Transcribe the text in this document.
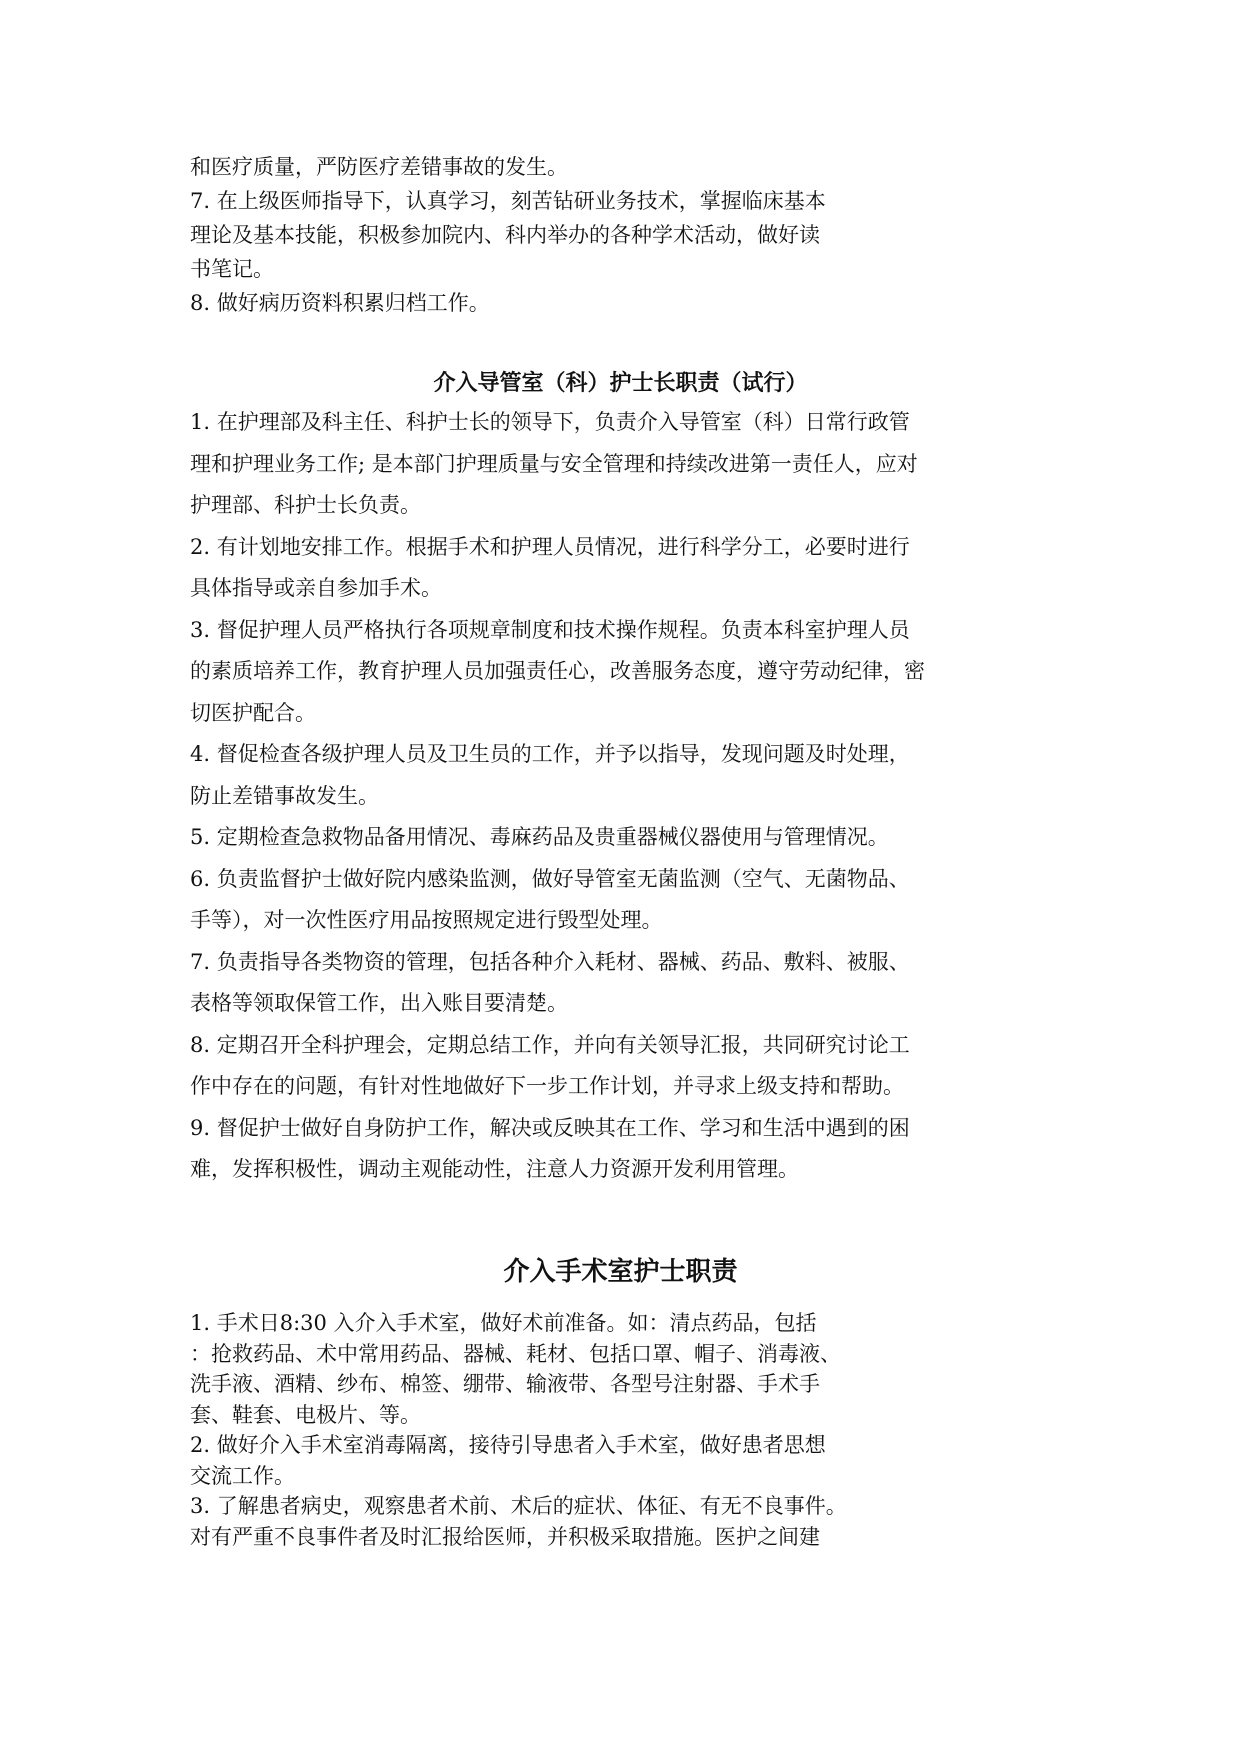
和医疗质量，严防医疗差错事故的发生。

7. 在上级医师指导下，认真学习，刻苦钻研业务技术，掌握临床基本

理论及基本技能，积极参加院内、科内举办的各种学术活动，做好读

书笔记。

8. 做好病历资料积累归档工作。

介入导管室（科）护士长职责（试行）

1. 在护理部及科主任、科护士长的领导下，负责介入导管室（科）日常行政管

理和护理业务工作; 是本部门护理质量与安全管理和持续改进第一责任人，应对

护理部、科护士长负责。

2. 有计划地安排工作。根据手术和护理人员情况，进行科学分工，必要时进行

具体指导或亲自参加手术。

3. 督促护理人员严格执行各项规章制度和技术操作规程。负责本科室护理人员

的素质培养工作，教育护理人员加强责任心，改善服务态度，遵守劳动纪律，密

切医护配合。

4. 督促检查各级护理人员及卫生员的工作，并予以指导，发现问题及时处理，

防止差错事故发生。

5. 定期检查急救物品备用情况、毒麻药品及贵重器械仪器使用与管理情况。

6. 负责监督护士做好院内感染监测，做好导管室无菌监测（空气、无菌物品、

手等），对一次性医疗用品按照规定进行毁型处理。

7. 负责指导各类物资的管理，包括各种介入耗材、器械、药品、敷料、被服、

表格等领取保管工作，出入账目要清楚。

8. 定期召开全科护理会，定期总结工作，并向有关领导汇报，共同研究讨论工

作中存在的问题，有针对性地做好下一步工作计划，并寻求上级支持和帮助。

9. 督促护士做好自身防护工作，解决或反映其在工作、学习和生活中遇到的困

难，发挥积极性，调动主观能动性，注意人力资源开发利用管理。

介入手术室护士职责

1. 手术日8:30 入介入手术室，做好术前准备。如：清点药品，包括

：抢救药品、术中常用药品、器械、耗材、包括口罩、帽子、消毒液、

洗手液、酒精、纱布、棉签、绷带、输液带、各型号注射器、手术手

套、鞋套、电极片、等。

2. 做好介入手术室消毒隔离，接待引导患者入手术室，做好患者思想

交流工作。

3. 了解患者病史，观察患者术前、术后的症状、体征、有无不良事件。

对有严重不良事件者及时汇报给医师，并积极采取措施。医护之间建
